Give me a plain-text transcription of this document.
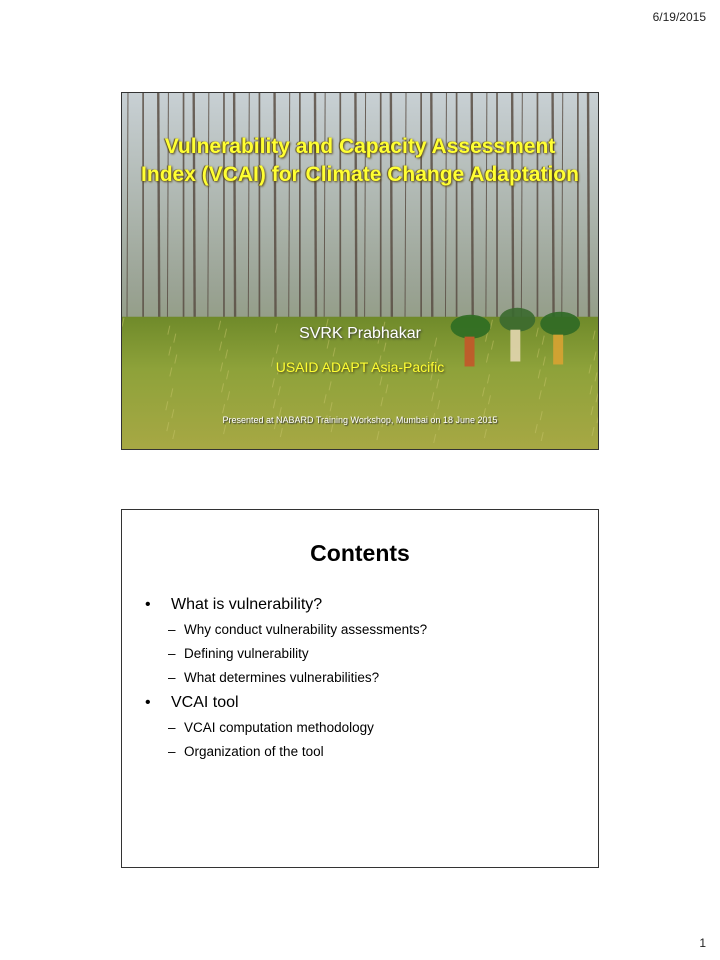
6/19/2015
Vulnerability and Capacity Assessment Index (VCAI) for Climate Change Adaptation
SVRK Prabhakar
USAID ADAPT Asia-Pacific
Presented at NABARD Training Workshop, Mumbai on 18 June 2015
Contents
•	What is vulnerability?
– Why conduct vulnerability assessments?
– Defining vulnerability
– What determines vulnerabilities?
•	VCAI tool
– VCAI computation methodology
– Organization of the tool
1
